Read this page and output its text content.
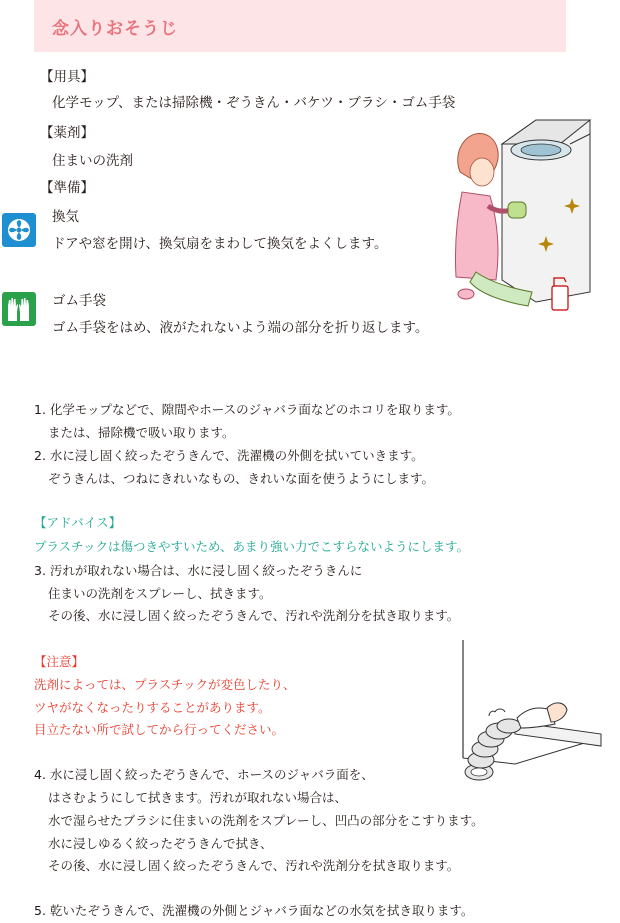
念入りおそうじ
【用具】
化学モップ、または掃除機・ぞうきん・バケツ・ブラシ・ゴム手袋
【薬剤】
住まいの洗剤
【準備】
換気
ドアや窓を開け、換気扇をまわして換気をよくします。
ゴム手袋
ゴム手袋をはめ、液がたれないよう端の部分を折り返します。
1. 化学モップなどで、隙間やホースのジャバラ面などのホコリを取ります。
または、掃除機で吸い取ります。
2. 水に浸し固く絞ったぞうきんで、洗濯機の外側を拭いていきます。
ぞうきんは、つねにきれいなもの、きれいな面を使うようにします。
【アドバイス】
プラスチックは傷つきやすいため、あまり強い力でこすらないようにします。
3. 汚れが取れない場合は、水に浸し固く絞ったぞうきんに
住まいの洗剤をスプレーし、拭きます。
その後、水に浸し固く絞ったぞうきんで、汚れや洗剤分を拭き取ります。
【注意】
洗剤によっては、プラスチックが変色したり、
ツヤがなくなったりすることがあります。
目立たない所で試してから行ってください。
4. 水に浸し固く絞ったぞうきんで、ホースのジャバラ面を、
はさむようにして拭きます。汚れが取れない場合は、
水で湿らせたブラシに住まいの洗剤をスプレーし、凹凸の部分をこすります。
水に浸しゆるく絞ったぞうきんで拭き、
その後、水に浸し固く絞ったぞうきんで、汚れや洗剤分を拭き取ります。
5. 乾いたぞうきんで、洗濯機の外側とジャバラ面などの水気を拭き取ります。
